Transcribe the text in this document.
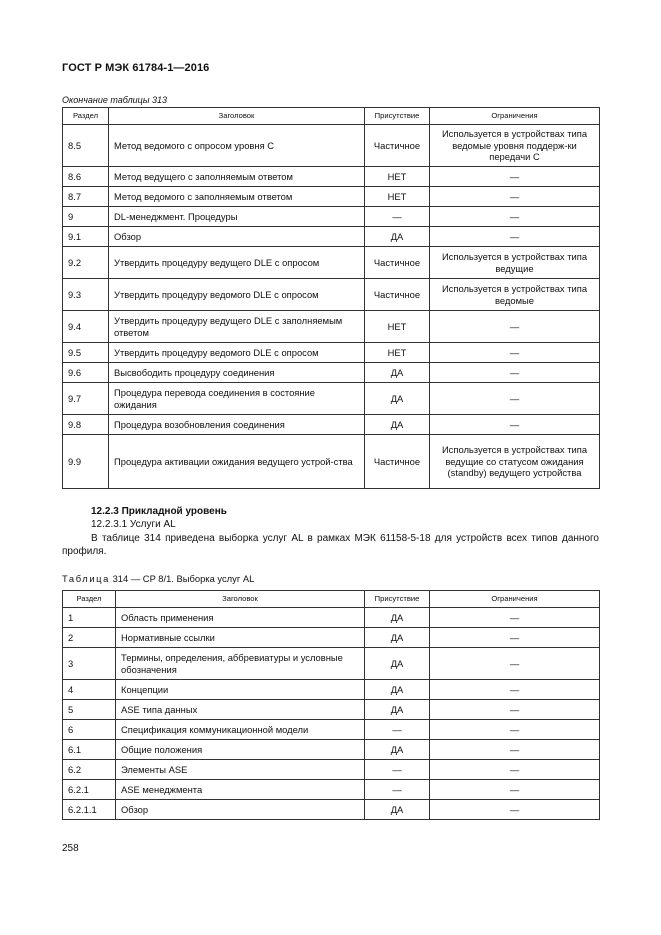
ГОСТ Р МЭК 61784-1—2016
Окончание таблицы 313
Раздел	Заголовок	Присутствие	Ограничения
8.5	Метод ведомого с опросом уровня C	Частичное	Используется в устройствах типа ведомые уровня поддерж-ки передачи C
8.6	Метод ведущего с заполняемым ответом	НЕТ	—
8.7	Метод ведомого с заполняемым ответом	НЕТ	—
9	DL-менеджмент. Процедуры	—	—
9.1	Обзор	ДА	—
9.2	Утвердить процедуру ведущего DLE с опросом	Частичное	Используется в устройствах типа ведущие
9.3	Утвердить процедуру ведомого DLE с опросом	Частичное	Используется в устройствах типа ведомые
9.4	Утвердить процедуру ведущего DLE с заполняемым ответом	НЕТ	—
9.5	Утвердить процедуру ведомого DLE с опросом	НЕТ	—
9.6	Высвободить процедуру соединения	ДА	—
9.7	Процедура перевода соединения в состояние ожидания	ДА	—
9.8	Процедура возобновления соединения	ДА	—
9.9	Процедура активации ожидания ведущего устрой-ства	Частичное	Используется в устройствах типа ведущие со статусом ожидания (standby) ведущего устройства
12.2.3 Прикладной уровень
12.2.3.1 Услуги AL
В таблице 314 приведена выборка услуг AL в рамках МЭК 61158-5-18 для устройств всех типов данного профиля.
Таблица 314 — CP 8/1. Выборка услуг AL
Раздел	Заголовок	Присутствие	Ограничения
1	Область применения	ДА	—
2	Нормативные ссылки	ДА	—
3	Термины, определения, аббревиатуры и условные обозначения	ДА	—
4	Концепции	ДА	—
5	ASE типа данных	ДА	—
6	Спецификация коммуникационной модели	—	—
6.1	Общие положения	ДА	—
6.2	Элементы ASE	—	—
6.2.1	ASE менеджмента	—	—
6.2.1.1	Обзор	ДА	—
258
